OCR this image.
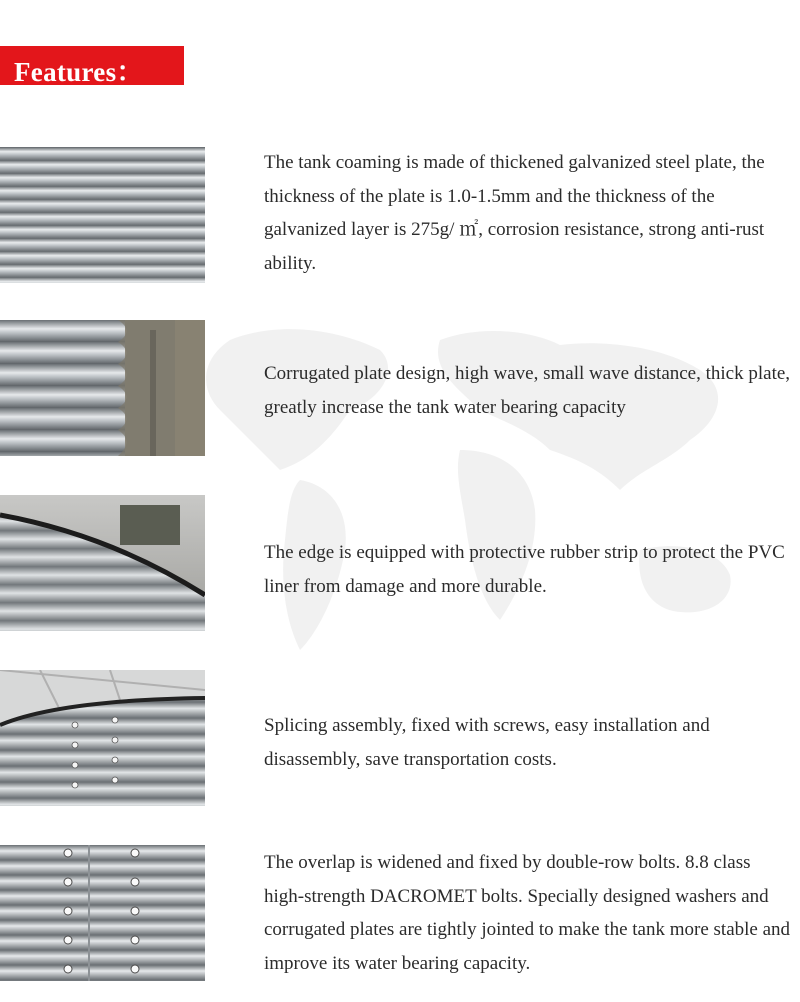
Features：
The tank coaming is made of thickened galvanized steel plate, the thickness of the plate is 1.0-1.5mm and the thickness of the galvanized layer is 275g/ ㎡, corrosion resistance, strong anti-rust ability.
Corrugated plate design, high wave, small wave distance, thick plate, greatly increase the tank water bearing capacity
The edge is equipped with protective rubber strip to protect the PVC liner from damage and more durable.
Splicing assembly, fixed with screws, easy installation and disassembly, save transportation costs.
The overlap is widened and fixed by double-row bolts. 8.8 class high-strength DACROMET bolts. Specially designed washers and corrugated plates are tightly jointed to make the tank more stable and improve its water bearing capacity.
